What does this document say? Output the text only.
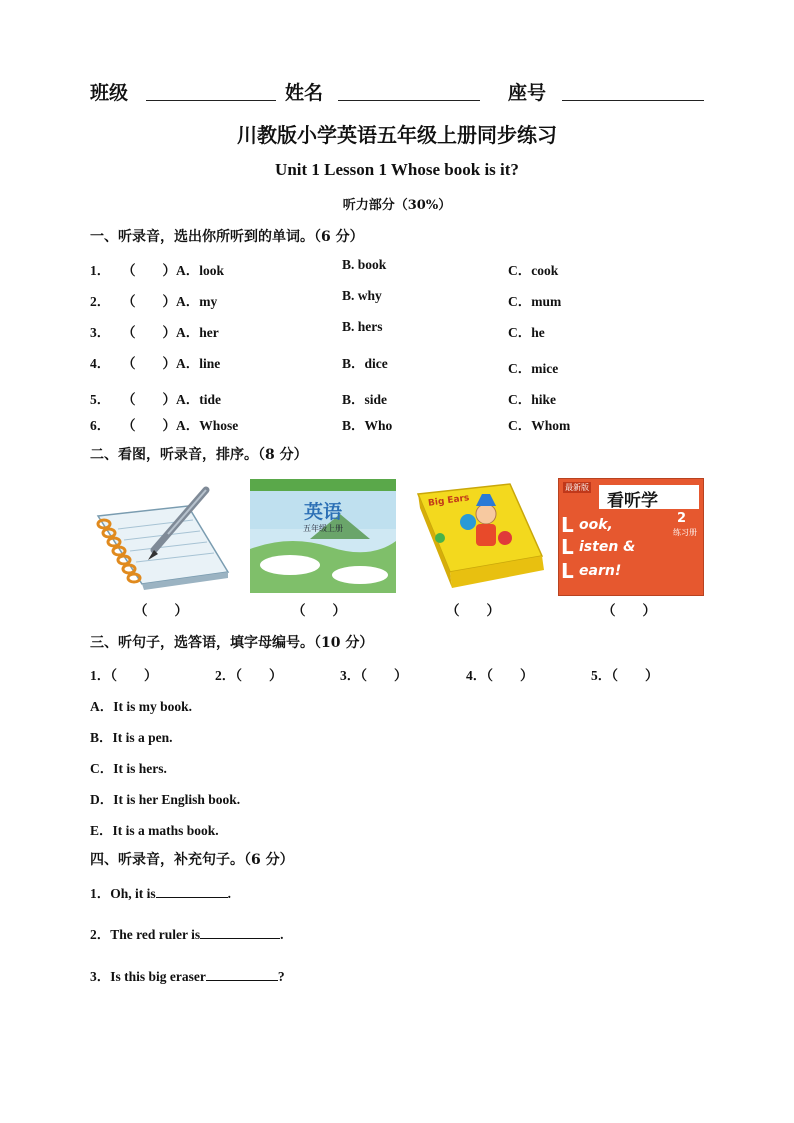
班级	姓名	座号
川教版小学英语五年级上册同步练习
Unit 1 Lesson 1 Whose book is it?
听力部分（30%）
一、听录音，选出你所听到的单词。（6 分）
1． （　　） A．look	B. book	C．cook
2． （　　） A．my	B. why	C．mum
3． （　　） A．her	B. hers	C．he
4． （　　） A．line	B．dice	C．mice
5． （　　） A．tide	B．side	C．hike
6． （　　） A．Whose	B．Who	C．Whom
二、看图，听录音，排序。（8 分）
英语
五年级上册
Big Ears
最新版
看听学
2
练习册
L ook,
L isten &
L earn!
（　　）	（　　）	（　　）	（　　）
三、听句子，选答语，填字母编号。（10 分）
1．（　　）	2．（　　）	3．（　　）	4．（　　）	5．（　　）
A．It is my book.
B．It is a pen.
C．It is hers.
D．It is her English book.
E．It is a maths book.
四、听录音，补充句子。（6 分）
1．Oh, it is	.
2．The red ruler is	.
3．Is this big eraser	?
